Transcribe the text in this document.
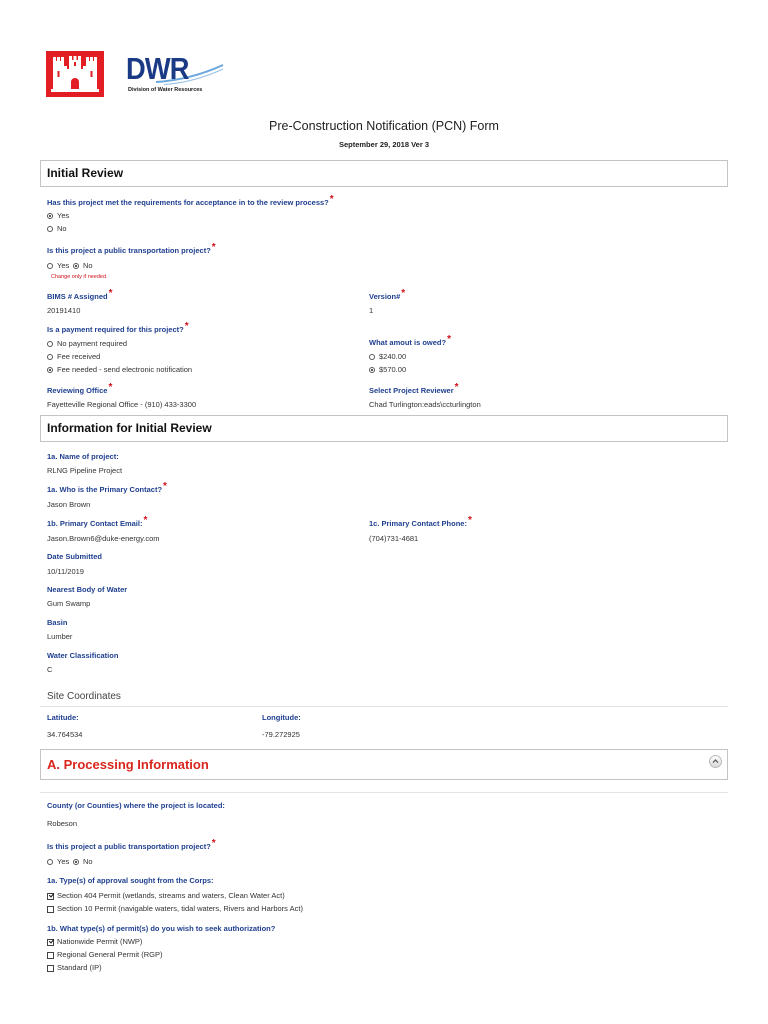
DWR
Division of Water Resources
Pre-Construction Notification (PCN) Form
September 29, 2018 Ver 3
Initial Review
Has this project met the requirements for acceptance in to the review process?*
Yes
No
Is this project a public transportation project?*
Yes	No
Change only if needed.
BIMS # Assigned*
20191410
Version#*
1
Is a payment required for this project?*
No payment required
Fee received
Fee needed - send electronic notification
What amout is owed?*
$240.00
$570.00
Reviewing Office*
Fayetteville Regional Office - (910) 433-3300
Select Project Reviewer*
Chad Turlington:eads\ccturlington
Information for Initial Review
1a. Name of project:
RLNG Pipeline Project
1a. Who is the Primary Contact?*
Jason Brown
1b. Primary Contact Email:*
Jason.Brown6@duke-energy.com
1c. Primary Contact Phone:*
(704)731-4681
Date Submitted
10/11/2019
Nearest Body of Water
Gum Swamp
Basin
Lumber
Water Classification
C
Site Coordinates
Latitude:
34.764534
Longitude:
-79.272925
A. Processing Information
County (or Counties) where the project is located:
Robeson
Is this project a public transportation project?*
Yes	No
1a. Type(s) of approval sought from the Corps:
Section 404 Permit (wetlands, streams and waters, Clean Water Act)
Section 10 Permit (navigable waters, tidal waters, Rivers and Harbors Act)
1b. What type(s) of permit(s) do you wish to seek authorization?
Nationwide Permit (NWP)
Regional General Permit (RGP)
Standard (IP)
